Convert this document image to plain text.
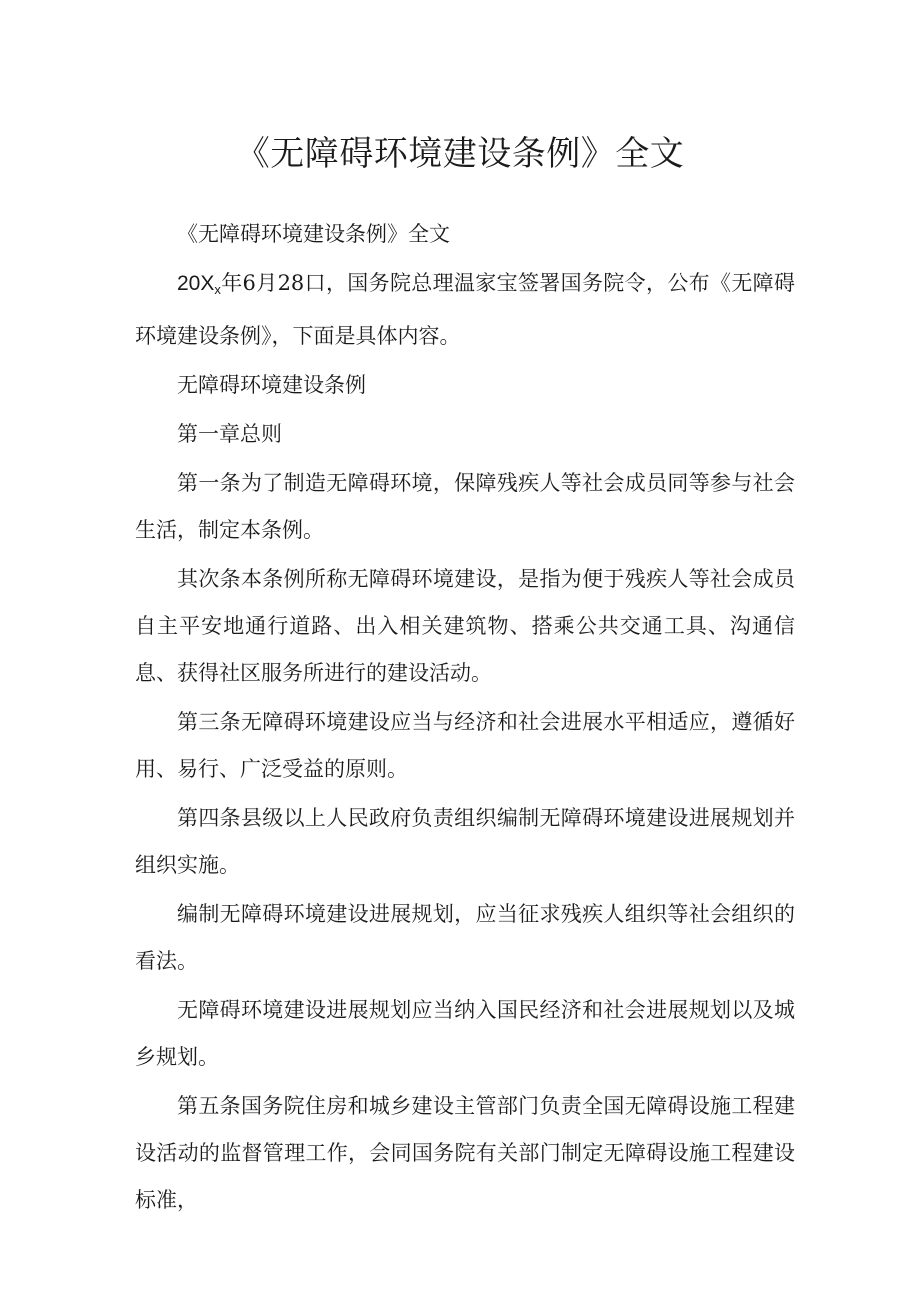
《无障碍环境建设条例》全文

《无障碍环境建设条例》全文

$20X_x$年6月28口，国务院总理温家宝签署国务院令，公布《无障碍环境建设条例》，下面是具体内容。

无障碍环境建设条例

第一章总则

第一条为了制造无障碍环境，保障残疾人等社会成员同等参与社会生活，制定本条例。

其次条本条例所称无障碍环境建设，是指为便于残疾人等社会成员自主平安地通行道路、出入相关建筑物、搭乘公共交通工具、沟通信息、获得社区服务所进行的建设活动。

第三条无障碍环境建设应当与经济和社会进展水平相适应，遵循好用、易行、广泛受益的原则。

第四条县级以上人民政府负责组织编制无障碍环境建设进展规划并组织实施。

编制无障碍环境建设进展规划，应当征求残疾人组织等社会组织的看法。

无障碍环境建设进展规划应当纳入国民经济和社会进展规划以及城乡规划。

第五条国务院住房和城乡建设主管部门负责全国无障碍设施工程建设活动的监督管理工作，会同国务院有关部门制定无障碍设施工程建设标准，
